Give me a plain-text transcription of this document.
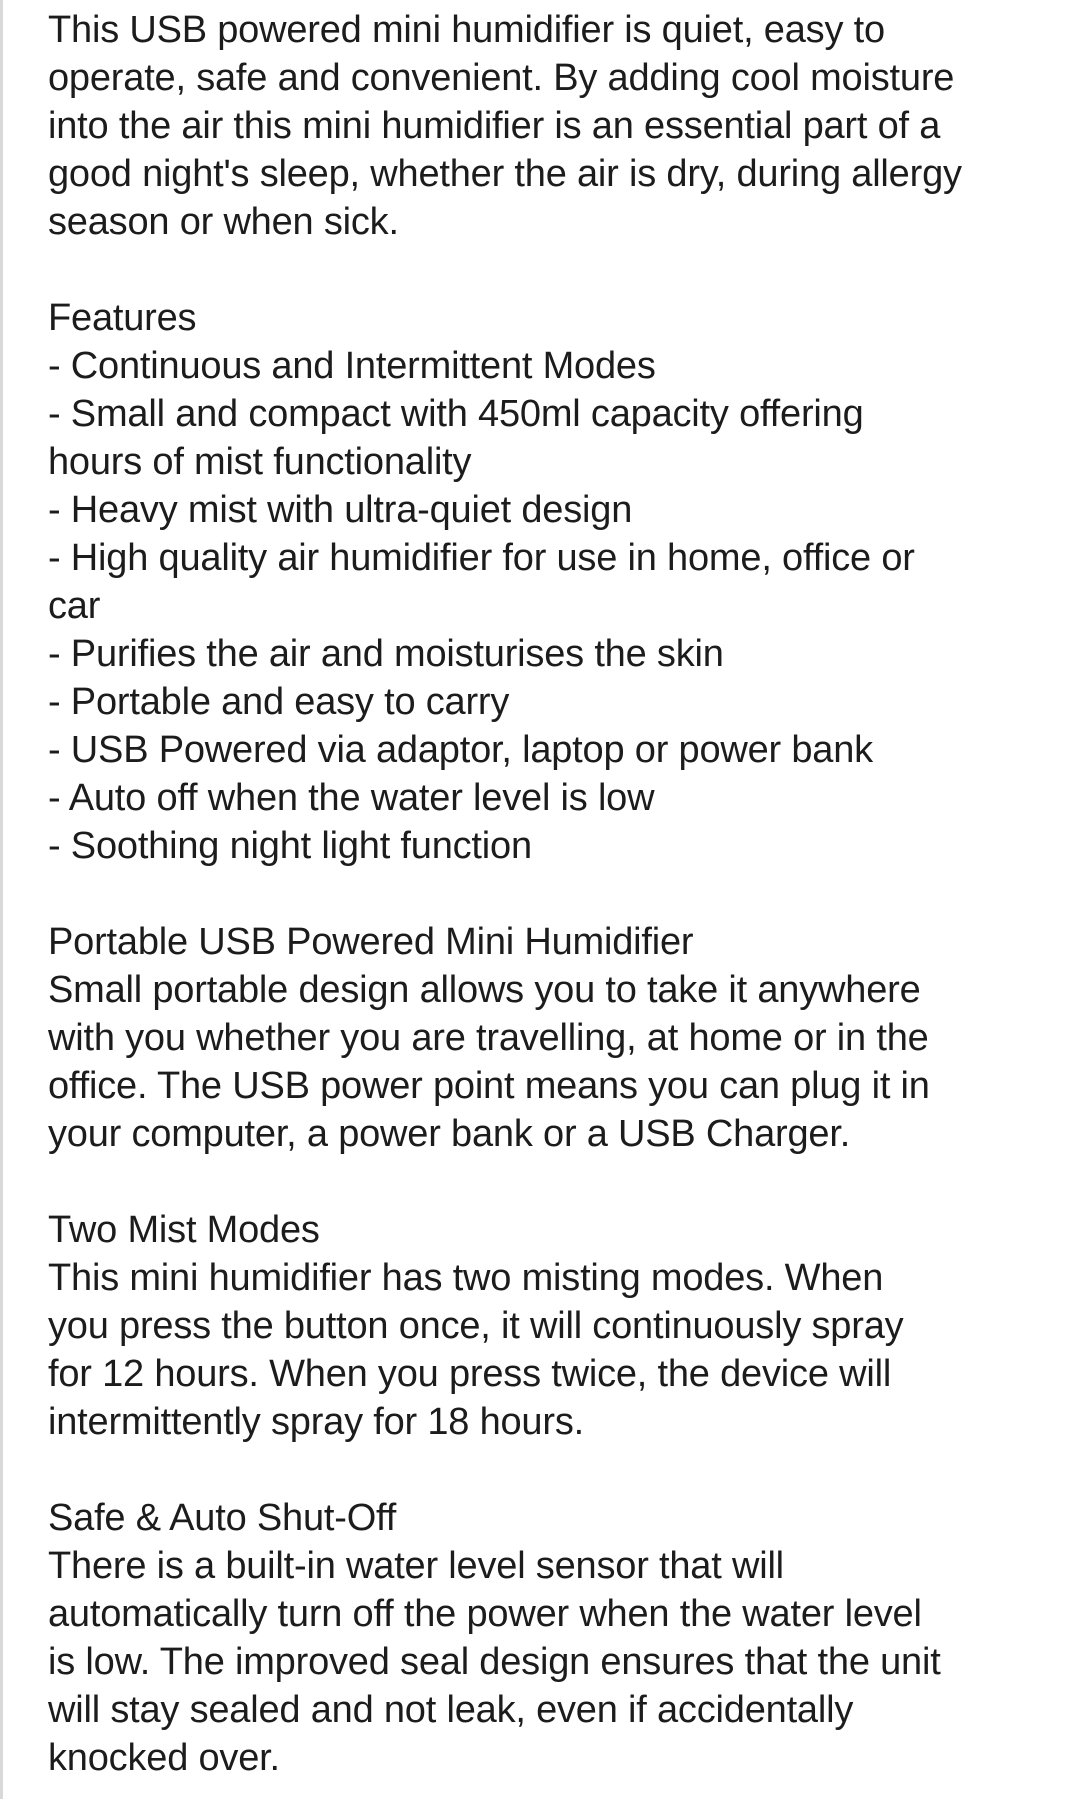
This USB powered mini humidifier is quiet, easy to
operate, safe and convenient. By adding cool moisture
into the air this mini humidifier is an essential part of a
good night's sleep, whether the air is dry, during allergy
season or when sick.
Features
- Continuous and Intermittent Modes
- Small and compact with 450ml capacity offering
hours of mist functionality
- Heavy mist with ultra-quiet design
- High quality air humidifier for use in home, office or
car
- Purifies the air and moisturises the skin
- Portable and easy to carry
- USB Powered via adaptor, laptop or power bank
- Auto off when the water level is low
- Soothing night light function
Portable USB Powered Mini Humidifier
Small portable design allows you to take it anywhere
with you whether you are travelling, at home or in the
office. The USB power point means you can plug it in
your computer, a power bank or a USB Charger.
Two Mist Modes
This mini humidifier has two misting modes. When
you press the button once, it will continuously spray
for 12 hours. When you press twice, the device will
intermittently spray for 18 hours.
Safe & Auto Shut-Off
There is a built-in water level sensor that will
automatically turn off the power when the water level
is low. The improved seal design ensures that the unit
will stay sealed and not leak, even if accidentally
knocked over.
